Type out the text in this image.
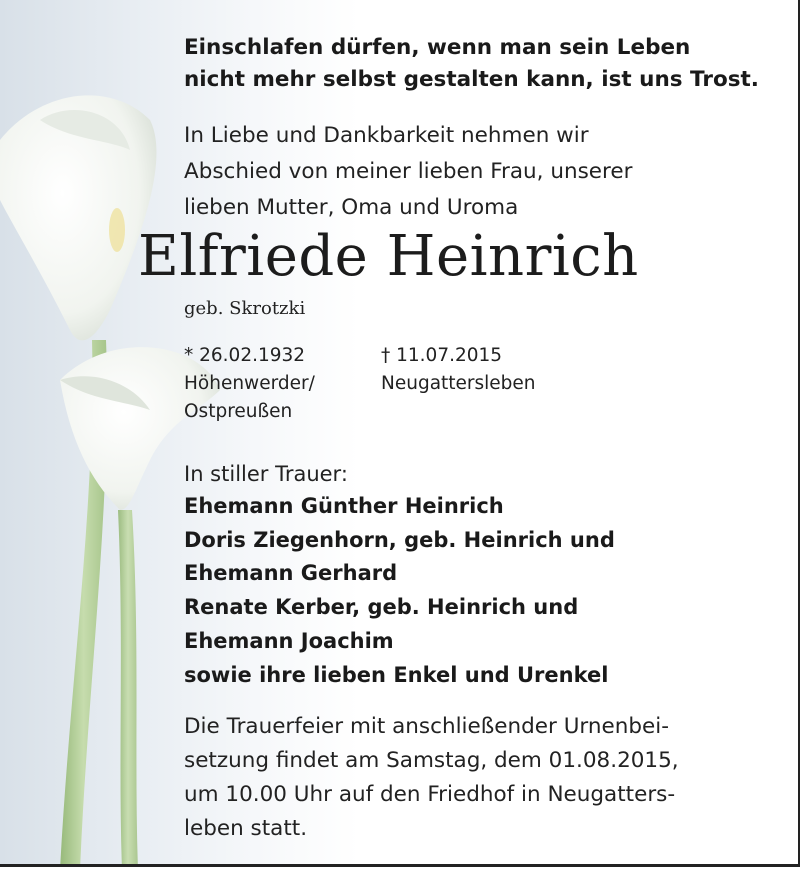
Einschlafen dürfen, wenn man sein Leben
nicht mehr selbst gestalten kann, ist uns Trost.
In Liebe und Dankbarkeit nehmen wir
Abschied von meiner lieben Frau, unserer
lieben Mutter, Oma und Uroma
Elfriede Heinrich
geb. Skrotzki
* 26.02.1932
Höhenwerder/
Ostpreußen
† 11.07.2015
Neugattersleben
In stiller Trauer:
Ehemann Günther Heinrich
Doris Ziegenhorn, geb. Heinrich und
Ehemann Gerhard
Renate Kerber, geb. Heinrich und
Ehemann Joachim
sowie ihre lieben Enkel und Urenkel
Die Trauerfeier mit anschließender Urnenbei-
setzung findet am Samstag, dem 01.08.2015,
um 10.00 Uhr auf den Friedhof in Neugatters-
leben statt.
